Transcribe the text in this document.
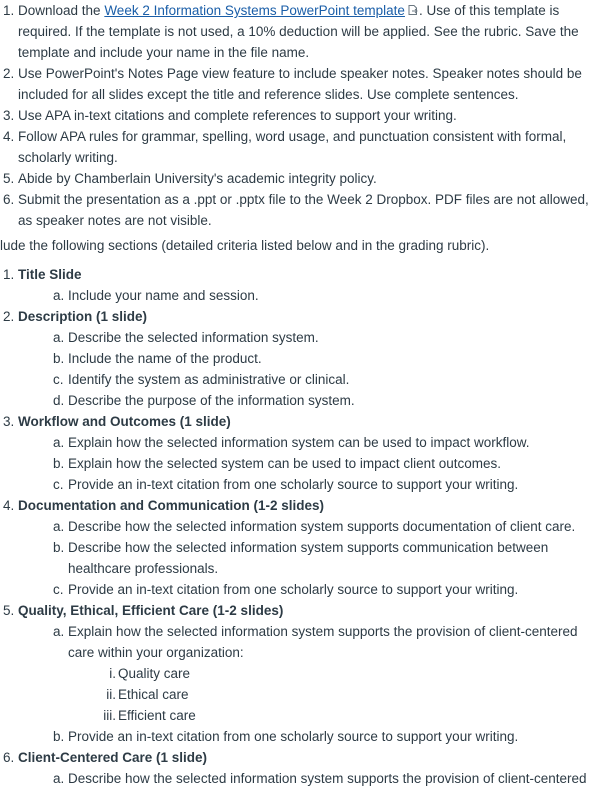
1. Download the Week 2 Information Systems PowerPoint template . Use of this template is required. If the template is not used, a 10% deduction will be applied. See the rubric. Save the template and include your name in the file name.
2. Use PowerPoint's Notes Page view feature to include speaker notes. Speaker notes should be included for all slides except the title and reference slides. Use complete sentences.
3. Use APA in-text citations and complete references to support your writing.
4. Follow APA rules for grammar, spelling, word usage, and punctuation consistent with formal, scholarly writing.
5. Abide by Chamberlain University's academic integrity policy.
6. Submit the presentation as a .ppt or .pptx file to the Week 2 Dropbox. PDF files are not allowed, as speaker notes are not visible.

lude the following sections (detailed criteria listed below and in the grading rubric).

1. Title Slide
a. Include your name and session.
2. Description (1 slide)
a. Describe the selected information system.
b. Include the name of the product.
c. Identify the system as administrative or clinical.
d. Describe the purpose of the information system.
3. Workflow and Outcomes (1 slide)
a. Explain how the selected information system can be used to impact workflow.
b. Explain how the selected system can be used to impact client outcomes.
c. Provide an in-text citation from one scholarly source to support your writing.
4. Documentation and Communication (1-2 slides)
a. Describe how the selected information system supports documentation of client care.
b. Describe how the selected information system supports communication between healthcare professionals.
c. Provide an in-text citation from one scholarly source to support your writing.
5. Quality, Ethical, Efficient Care (1-2 slides)
a. Explain how the selected information system supports the provision of client-centered care within your organization:
i. Quality care
ii. Ethical care
iii. Efficient care
b. Provide an in-text citation from one scholarly source to support your writing.
6. Client-Centered Care (1 slide)
a. Describe how the selected information system supports the provision of client-centered
